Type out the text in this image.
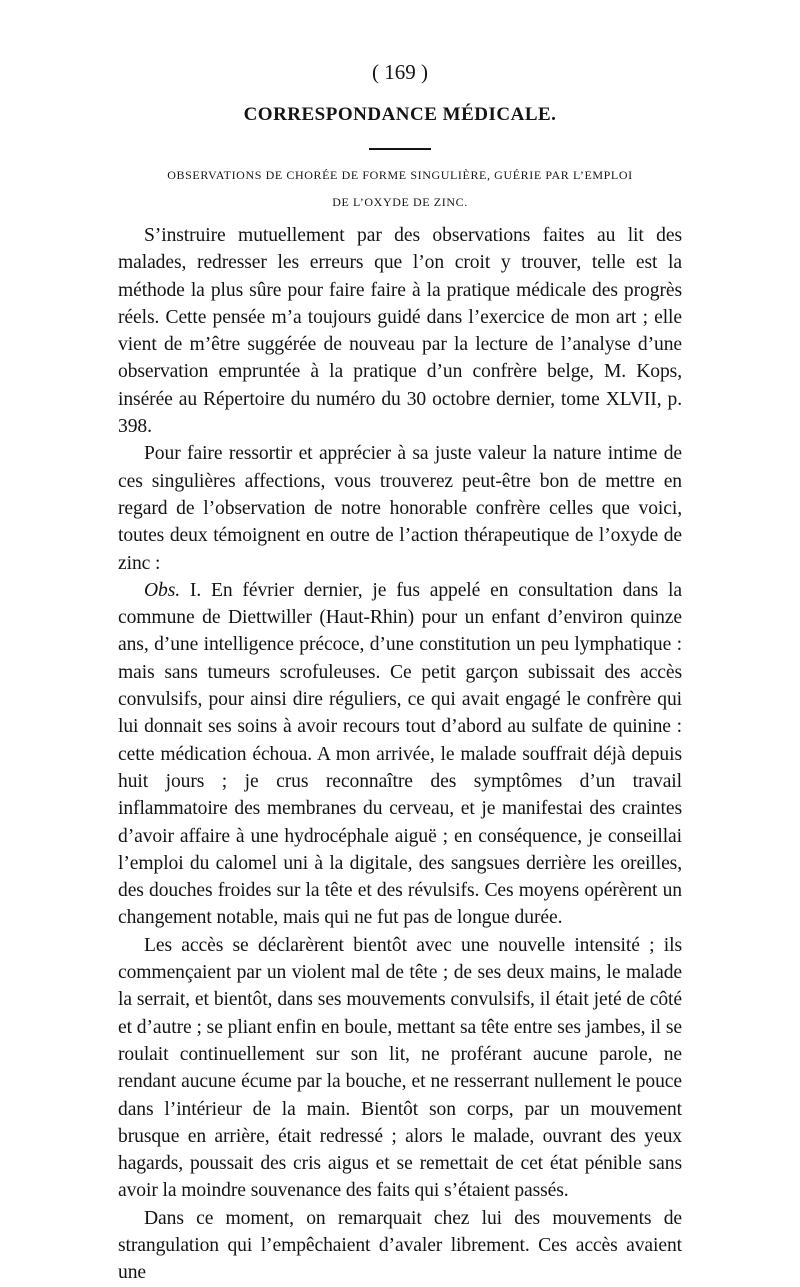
( 169 )
CORRESPONDANCE MÉDICALE.
OBSERVATIONS DE CHORÉE DE FORME SINGULIÈRE, GUÉRIE PAR L’EMPLOI
DE L’OXYDE DE ZINC.

S’instruire mutuellement par des observations faites au lit des malades, redresser les erreurs que l’on croit y trouver, telle est la méthode la plus sûre pour faire faire à la pratique médicale des progrès réels. Cette pensée m’a toujours guidé dans l’exercice de mon art ; elle vient de m’être suggérée de nouveau par la lecture de l’analyse d’une observation empruntée à la pratique d’un confrère belge, M. Kops, insérée au Répertoire du numéro du 30 octobre dernier, tome XLVII, p. 398.

Pour faire ressortir et apprécier à sa juste valeur la nature intime de ces singulières affections, vous trouverez peut-être bon de mettre en regard de l’observation de notre honorable confrère celles que voici, toutes deux témoignent en outre de l’action thérapeutique de l’oxyde de zinc :

Obs. I. En février dernier, je fus appelé en consultation dans la commune de Diettwiller (Haut-Rhin) pour un enfant d’environ quinze ans, d’une intelligence précoce, d’une constitution un peu lymphatique : mais sans tumeurs scrofuleuses. Ce petit garçon subissait des accès convulsifs, pour ainsi dire réguliers, ce qui avait engagé le confrère qui lui donnait ses soins à avoir recours tout d’abord au sulfate de quinine : cette médication échoua. A mon arrivée, le malade souffrait déjà depuis huit jours ; je crus reconnaître des symptômes d’un travail inflammatoire des membranes du cerveau, et je manifestai des craintes d’avoir affaire à une hydrocéphale aiguë ; en conséquence, je conseillai l’emploi du calomel uni à la digitale, des sangsues derrière les oreilles, des douches froides sur la tête et des révulsifs. Ces moyens opérèrent un changement notable, mais qui ne fut pas de longue durée.

Les accès se déclarèrent bientôt avec une nouvelle intensité ; ils commençaient par un violent mal de tête ; de ses deux mains, le malade la serrait, et bientôt, dans ses mouvements convulsifs, il était jeté de côté et d’autre ; se pliant enfin en boule, mettant sa tête entre ses jambes, il se roulait continuellement sur son lit, ne proférant aucune parole, ne rendant aucune écume par la bouche, et ne resserrant nullement le pouce dans l’intérieur de la main. Bientôt son corps, par un mouvement brusque en arrière, était redressé ; alors le malade, ouvrant des yeux hagards, poussait des cris aigus et se remettait de cet état pénible sans avoir la moindre souvenance des faits qui s’étaient passés.

Dans ce moment, on remarquait chez lui des mouvements de strangulation qui l’empêchaient d’avaler librement. Ces accès avaient une
